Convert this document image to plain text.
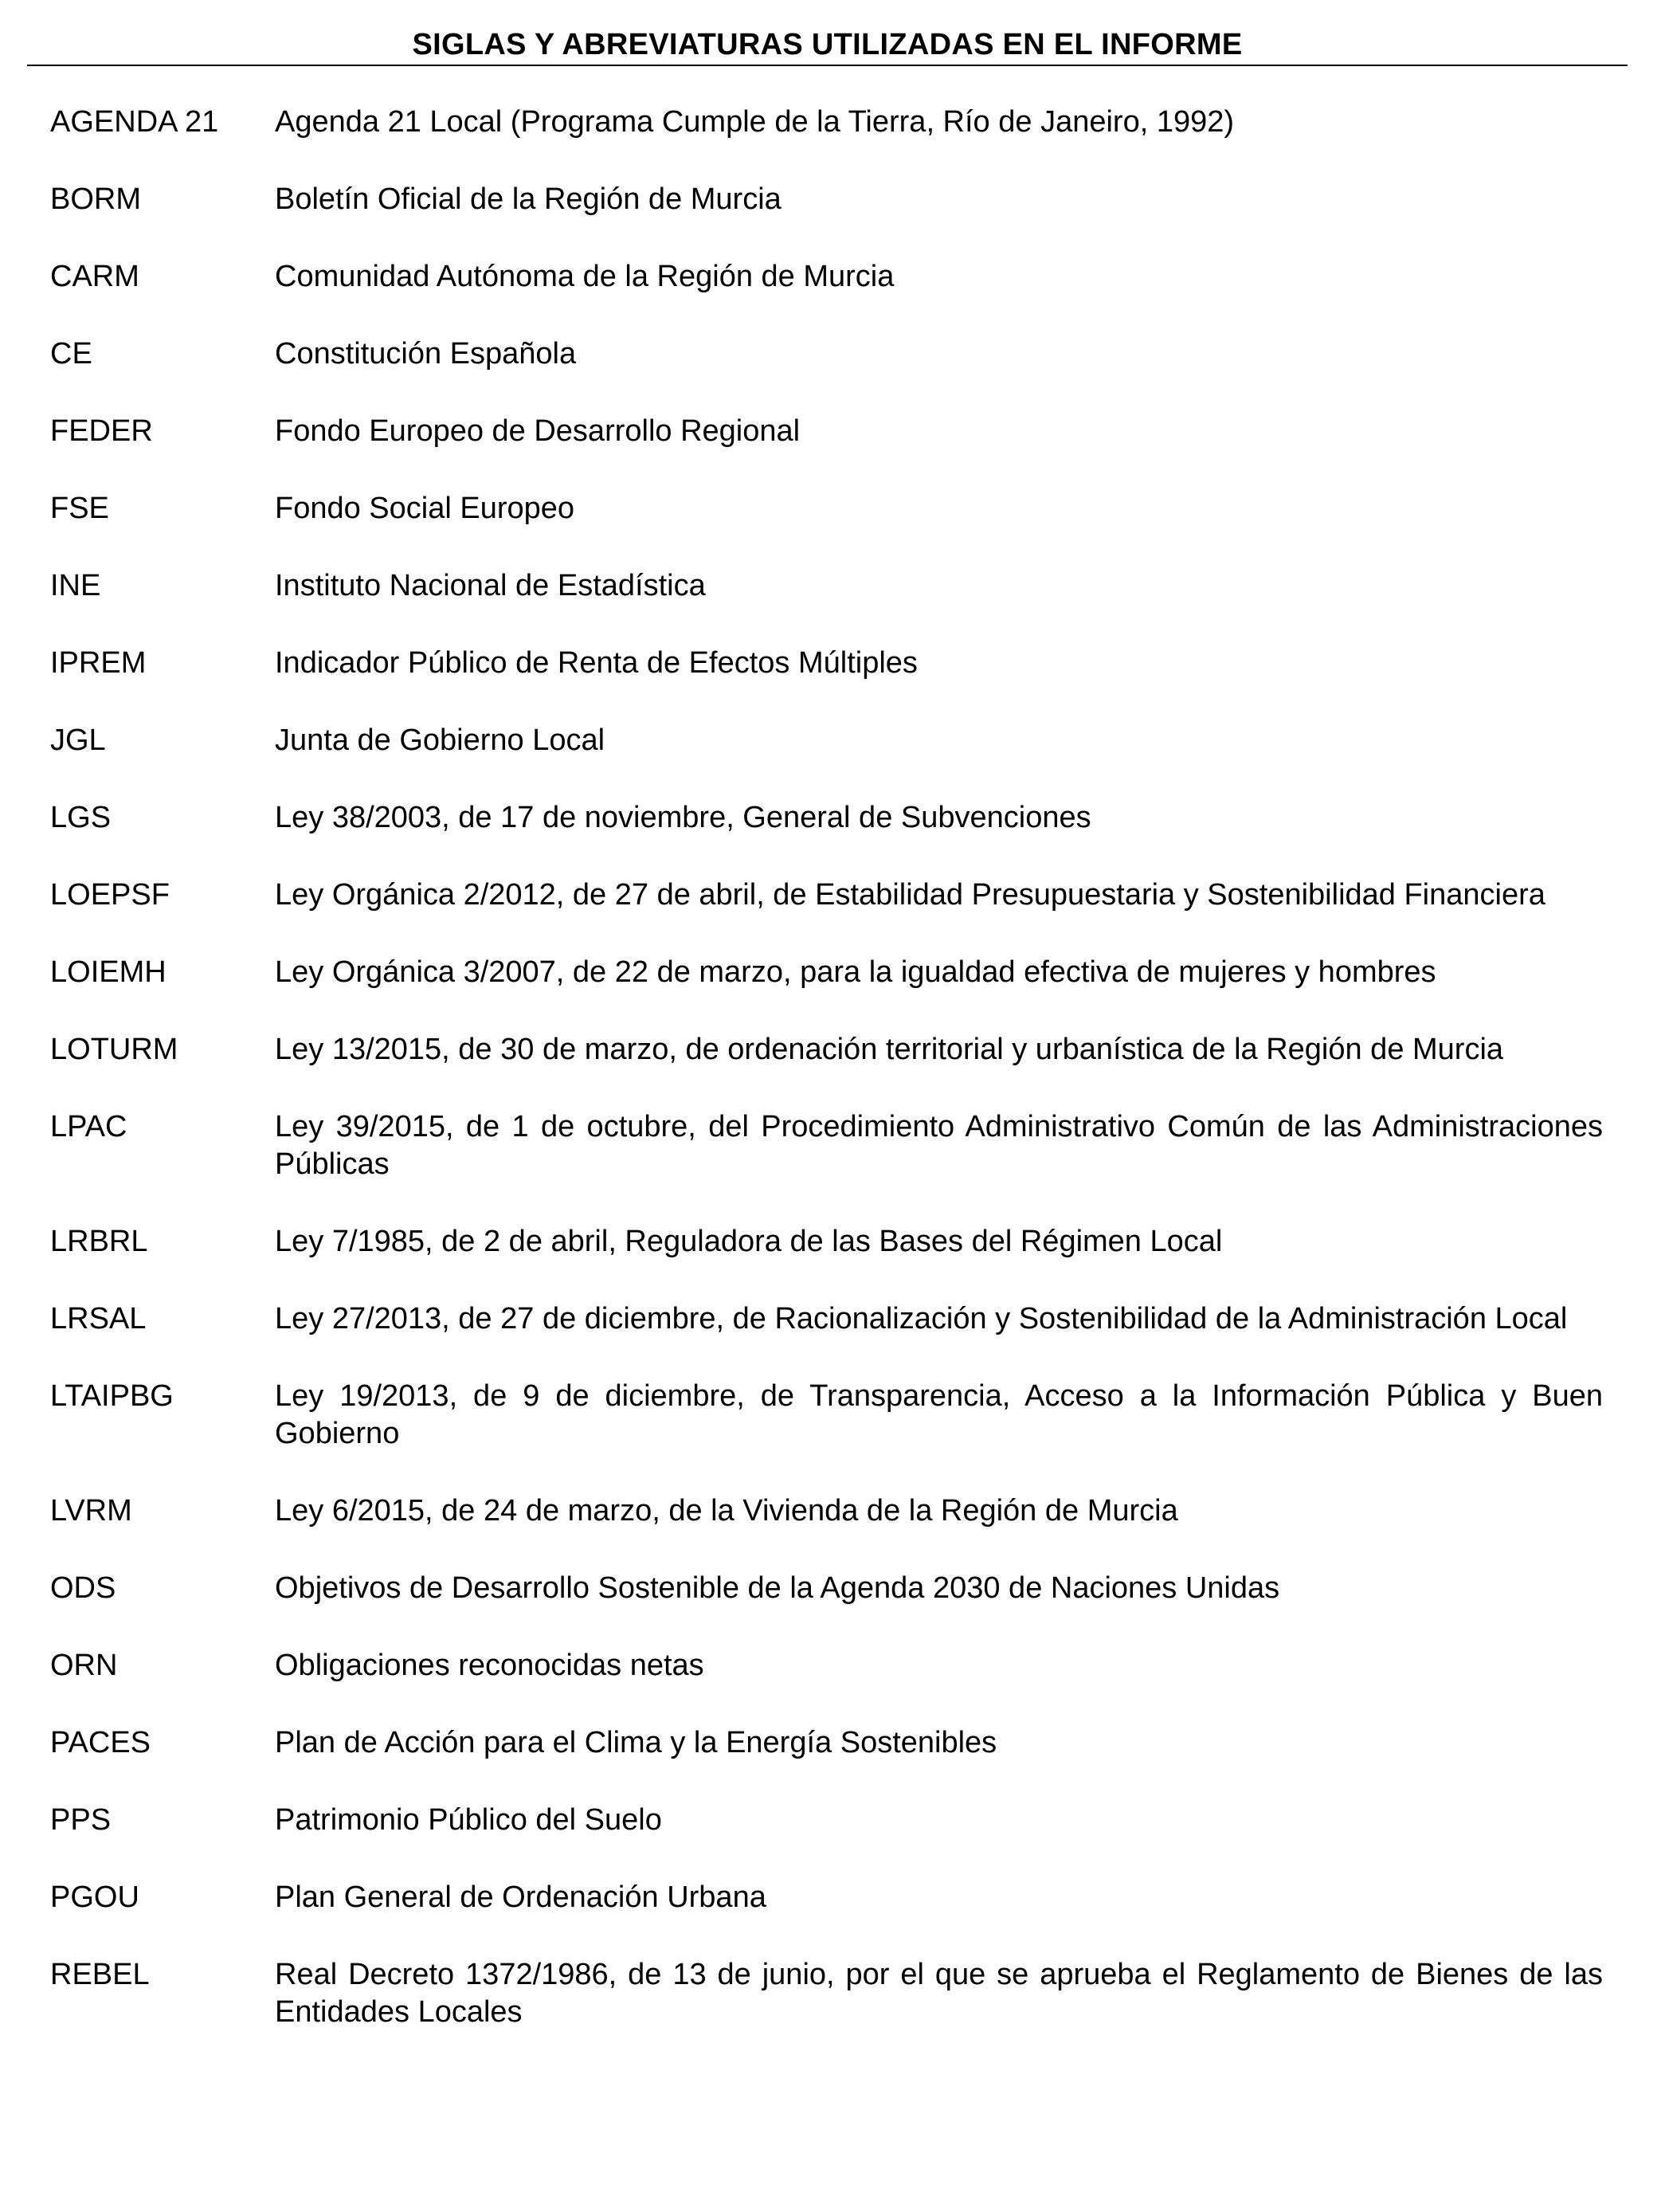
SIGLAS Y ABREVIATURAS UTILIZADAS EN EL INFORME
AGENDA 21	Agenda 21 Local (Programa Cumple de la Tierra, Río de Janeiro, 1992)
BORM	Boletín Oficial de la Región de Murcia
CARM	Comunidad Autónoma de la Región de Murcia
CE	Constitución Española
FEDER	Fondo Europeo de Desarrollo Regional
FSE	Fondo Social Europeo
INE	Instituto Nacional de Estadística
IPREM	Indicador Público de Renta de Efectos Múltiples
JGL	Junta de Gobierno Local
LGS	Ley 38/2003, de 17 de noviembre, General de Subvenciones
LOEPSF	Ley Orgánica 2/2012, de 27 de abril, de Estabilidad Presupuestaria y Sostenibilidad Financiera
LOIEMH	Ley Orgánica 3/2007, de 22 de marzo, para la igualdad efectiva de mujeres y hombres
LOTURM	Ley 13/2015, de 30 de marzo, de ordenación territorial y urbanística de la Región de Murcia
LPAC	Ley 39/2015, de 1 de octubre, del Procedimiento Administrativo Común de las Administraciones Públicas
LRBRL	Ley 7/1985, de 2 de abril, Reguladora de las Bases del Régimen Local
LRSAL	Ley 27/2013, de 27 de diciembre, de Racionalización y Sostenibilidad de la Administración Local
LTAIPBG	Ley 19/2013, de 9 de diciembre, de Transparencia, Acceso a la Información Pública y Buen Gobierno
LVRM	Ley 6/2015, de 24 de marzo, de la Vivienda de la Región de Murcia
ODS	Objetivos de Desarrollo Sostenible de la Agenda 2030 de Naciones Unidas
ORN	Obligaciones reconocidas netas
PACES	Plan de Acción para el Clima y la Energía Sostenibles
PPS	Patrimonio Público del Suelo
PGOU	Plan General de Ordenación Urbana
REBEL	Real Decreto 1372/1986, de 13 de junio, por el que se aprueba el Reglamento de Bienes de las Entidades Locales
